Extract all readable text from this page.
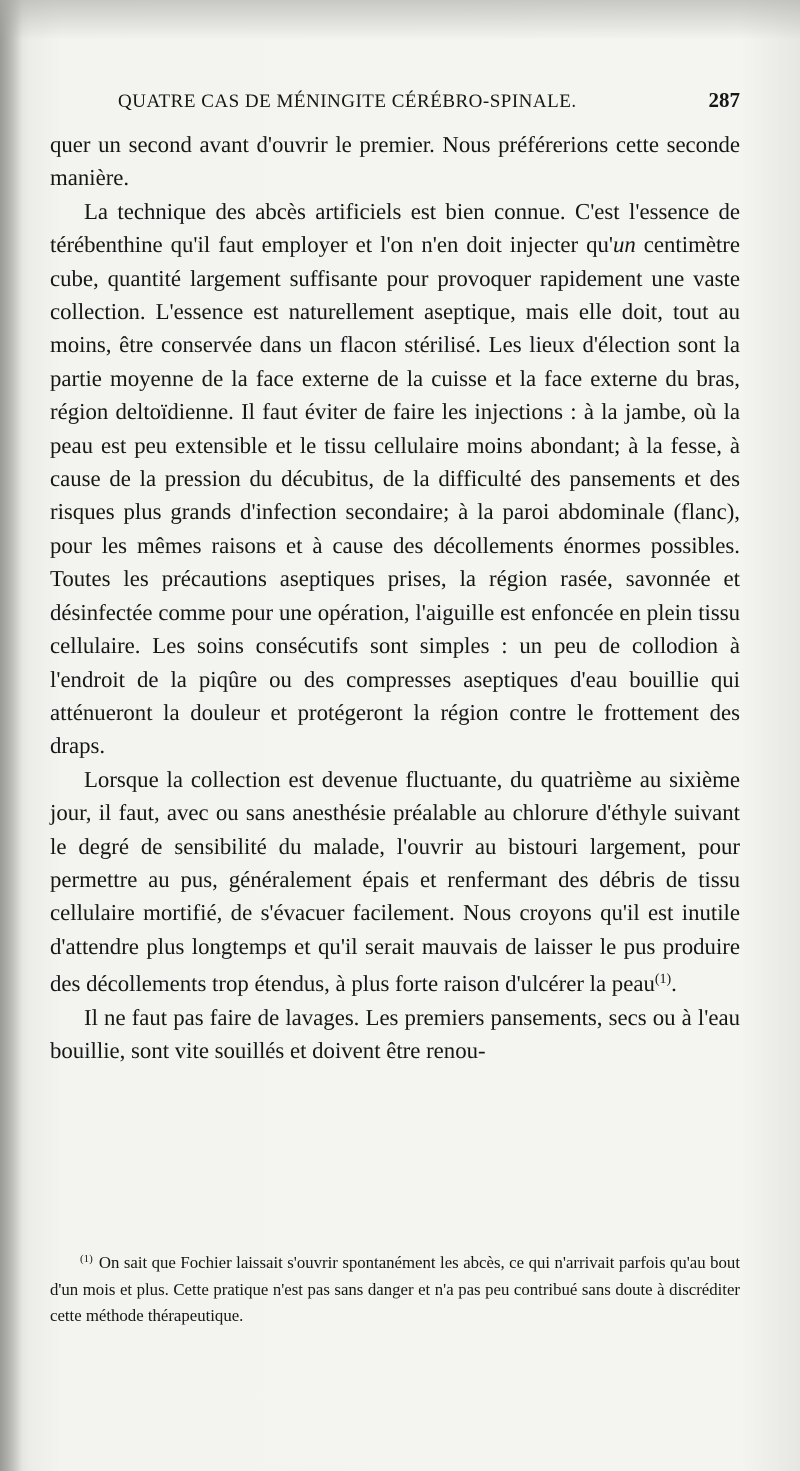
QUATRE CAS DE MÉNINGITE CÉRÉBRO-SPINALE.	287

quer un second avant d'ouvrir le premier. Nous préférerions cette seconde manière.

La technique des abcès artificiels est bien connue. C'est l'essence de térébenthine qu'il faut employer et l'on n'en doit injecter qu'un centimètre cube, quantité largement suffisante pour provoquer rapidement une vaste collection. L'essence est naturellement aseptique, mais elle doit, tout au moins, être conservée dans un flacon stérilisé. Les lieux d'élection sont la partie moyenne de la face externe de la cuisse et la face externe du bras, région deltoïdienne. Il faut éviter de faire les injections : à la jambe, où la peau est peu extensible et le tissu cellulaire moins abondant; à la fesse, à cause de la pression du décubitus, de la difficulté des pansements et des risques plus grands d'infection secondaire; à la paroi abdominale (flanc), pour les mêmes raisons et à cause des décollements énormes possibles. Toutes les précautions aseptiques prises, la région rasée, savonnée et désinfectée comme pour une opération, l'aiguille est enfoncée en plein tissu cellulaire. Les soins consécutifs sont simples : un peu de collodion à l'endroit de la piqûre ou des compresses aseptiques d'eau bouillie qui atténueront la douleur et protégeront la région contre le frottement des draps.

Lorsque la collection est devenue fluctuante, du quatrième au sixième jour, il faut, avec ou sans anesthésie préalable au chlorure d'éthyle suivant le degré de sensibilité du malade, l'ouvrir au bistouri largement, pour permettre au pus, généralement épais et renfermant des débris de tissu cellulaire mortifié, de s'évacuer facilement. Nous croyons qu'il est inutile d'attendre plus longtemps et qu'il serait mauvais de laisser le pus produire des décollements trop étendus, à plus forte raison d'ulcérer la peau$^{(1)}$.

Il ne faut pas faire de lavages. Les premiers pansements, secs ou à l'eau bouillie, sont vite souillés et doivent être renou-

$^{(1)}$ On sait que Fochier laissait s'ouvrir spontanément les abcès, ce qui n'arrivait parfois qu'au bout d'un mois et plus. Cette pratique n'est pas sans danger et n'a pas peu contribué sans doute à discréditer cette méthode thérapeutique.
